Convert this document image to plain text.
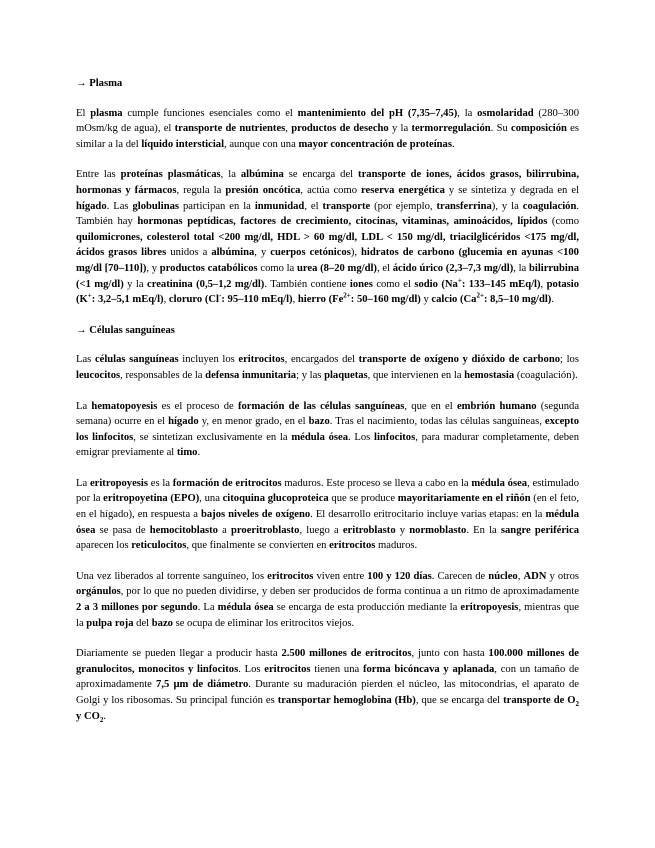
→ Plasma
El plasma cumple funciones esenciales como el mantenimiento del pH (7,35–7,45), la osmolaridad (280–300 mOsm/kg de agua), el transporte de nutrientes, productos de desecho y la termorregulación. Su composición es similar a la del líquido intersticial, aunque con una mayor concentración de proteínas.
Entre las proteínas plasmáticas, la albúmina se encarga del transporte de iones, ácidos grasos, bilirrubina, hormonas y fármacos, regula la presión oncótica, actúa como reserva energética y se sintetiza y degrada en el hígado. Las globulinas participan en la inmunidad, el transporte (por ejemplo, transferrina), y la coagulación. También hay hormonas peptídicas, factores de crecimiento, citocinas, vitaminas, aminoácidos, lípidos (como quilomicrones, colesterol total <200 mg/dl, HDL > 60 mg/dl, LDL < 150 mg/dl, triacilglicéridos <175 mg/dl, ácidos grasos libres unidos a albúmina, y cuerpos cetónicos), hidratos de carbono (glucemia en ayunas <100 mg/dl [70–110]), y productos catabólicos como la urea (8–20 mg/dl), el ácido úrico (2,3–7,3 mg/dl), la bilirrubina (<1 mg/dl) y la creatinina (0,5–1,2 mg/dl). También contiene iones como el sodio (Na+: 133–145 mEq/l), potasio (K+: 3,2–5,1 mEq/l), cloruro (Cl-: 95–110 mEq/l), hierro ($Fe^{2+}$: 50–160 mg/dl) y calcio ($Ca^{2+}$: 8,5–10 mg/dl).
→ Células sanguíneas
Las células sanguíneas incluyen los eritrocitos, encargados del transporte de oxígeno y dióxido de carbono; los leucocitos, responsables de la defensa inmunitaria; y las plaquetas, que intervienen en la hemostasia (coagulación).
La hematopoyesis es el proceso de formación de las células sanguíneas, que en el embrión humano (segunda semana) ocurre en el hígado y, en menor grado, en el bazo. Tras el nacimiento, todas las células sanguíneas, excepto los linfocitos, se sintetizan exclusivamente en la médula ósea. Los linfocitos, para madurar completamente, deben emigrar previamente al timo.
La eritropoyesis es la formación de eritrocitos maduros. Este proceso se lleva a cabo en la médula ósea, estimulado por la eritropoyetina (EPO), una citoquina glucoproteica que se produce mayoritariamente en el riñón (en el feto, en el hígado), en respuesta a bajos niveles de oxígeno. El desarrollo eritrocitario incluye varias etapas: en la médula ósea se pasa de hemocitoblasto a proeritroblasto, luego a eritroblasto y normoblasto. En la sangre periférica aparecen los reticulocitos, que finalmente se convierten en eritrocitos maduros.
Una vez liberados al torrente sanguíneo, los eritrocitos viven entre 100 y 120 días. Carecen de núcleo, ADN y otros orgánulos, por lo que no pueden dividirse, y deben ser producidos de forma continua a un ritmo de aproximadamente 2 a 3 millones por segundo. La médula ósea se encarga de esta producción mediante la eritropoyesis, mientras que la pulpa roja del bazo se ocupa de eliminar los eritrocitos viejos.
Diariamente se pueden llegar a producir hasta 2.500 millones de eritrocitos, junto con hasta 100.000 millones de granulocitos, monocitos y linfocitos. Los eritrocitos tienen una forma bicóncava y aplanada, con un tamaño de aproximadamente 7,5 µm de diámetro. Durante su maduración pierden el núcleo, las mitocondrias, el aparato de Golgi y los ribosomas. Su principal función es transportar hemoglobina (Hb), que se encarga del transporte de $O_2$ y $CO_2$.
